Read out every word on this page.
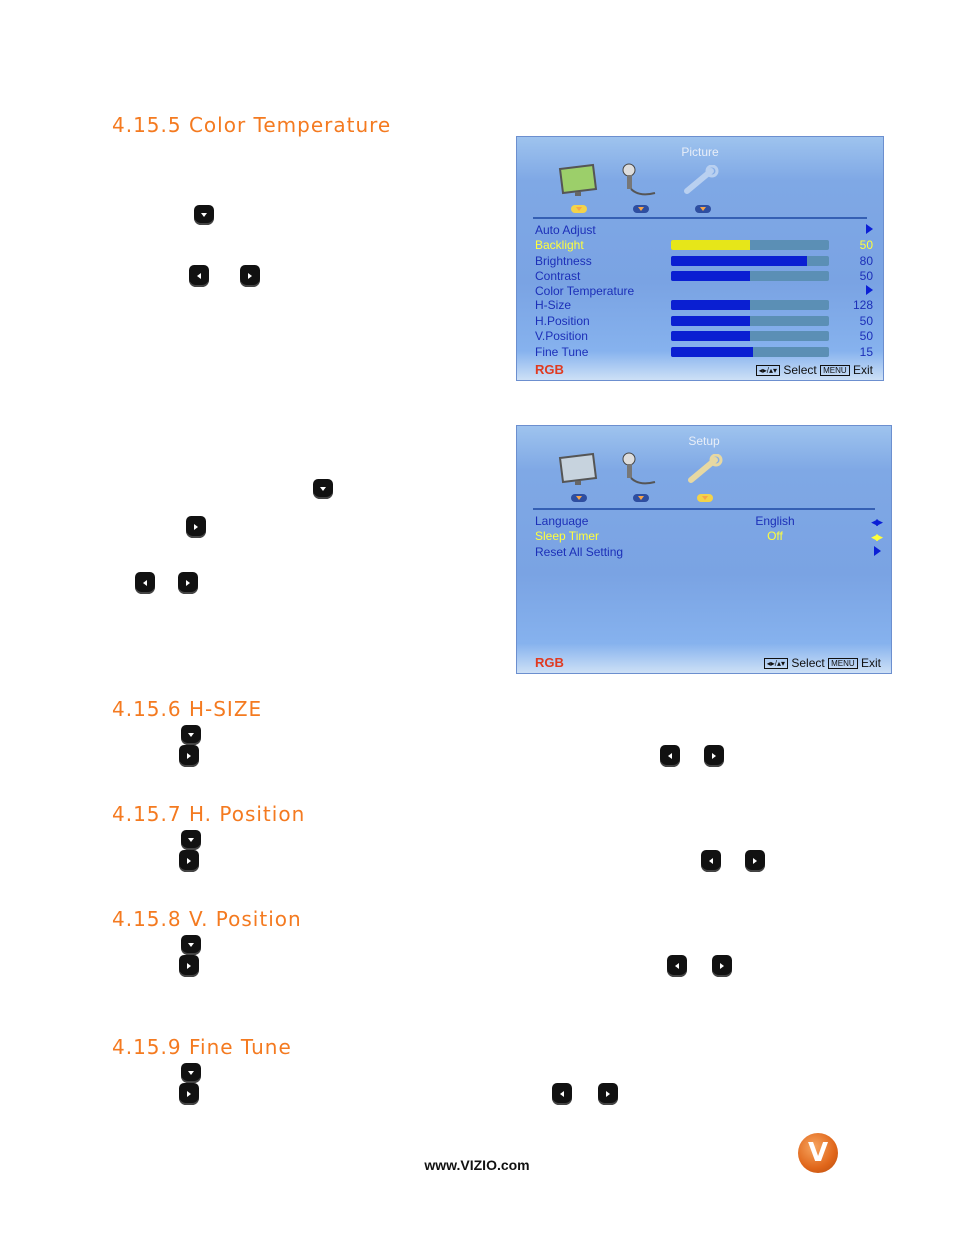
4.15.5 Color Temperature
4.15.6 H-SIZE
4.15.7 H. Position
4.15.8 V. Position
4.15.9 Fine Tune
Picture
Auto Adjust
Backlight	50
Brightness	80
Contrast	50
Color Temperature
H-Size	128
H.Position	50
V.Position	50
Fine Tune	15
RGB	◂▸/▴▾ Select MENU Exit
Setup
Language	English	◀▶
Sleep Timer	Off	◀▶
Reset All Setting
RGB	◂▸/▴▾ Select MENU Exit
www.VIZIO.com
V
